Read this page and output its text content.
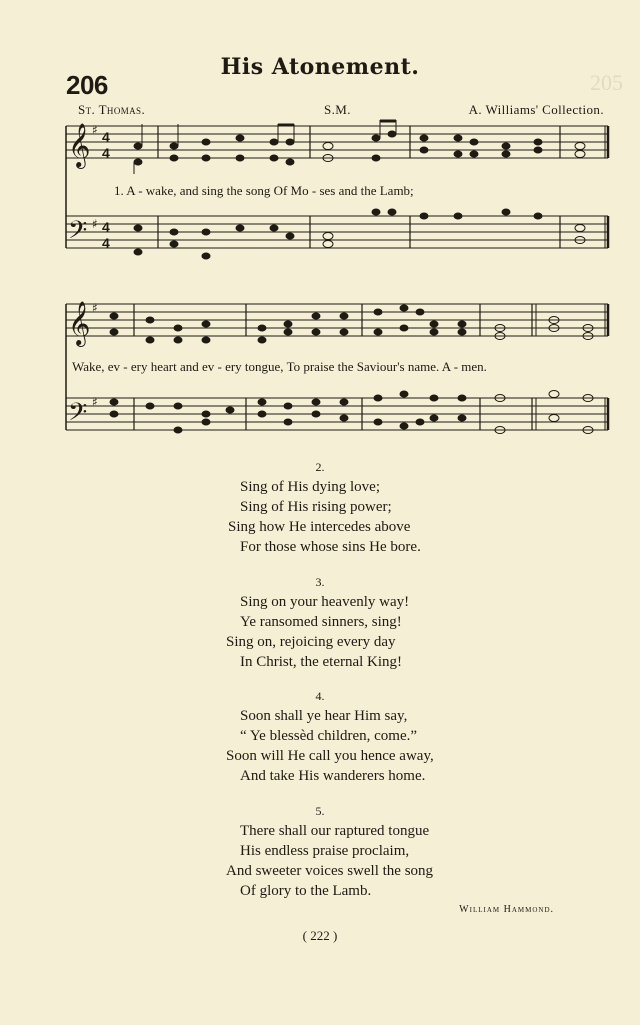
205
206
His Atonement.
St. Thomas.	S.M.	A. Williams' Collection.
𝄞
𝄢
𝄞
𝄢
♯
♯
♯
♯
4
4
4
4
1. A - wake, and sing the song Of Mo - ses and the Lamb;
Wake, ev - ery heart and ev - ery tongue, To praise the Saviour's name. A - men.
2.
Sing of His dying love;
Sing of His rising power;
Sing how He intercedes above
For those whose sins He bore.
3.
Sing on your heavenly way!
Ye ransomed sinners, sing!
Sing on, rejoicing every day
In Christ, the eternal King!
4.
Soon shall ye hear Him say,
“ Ye blessèd children, come.”
Soon will He call you hence away,
And take His wanderers home.
5.
There shall our raptured tongue
His endless praise proclaim,
And sweeter voices swell the song
Of glory to the Lamb.
William Hammond.
( 222 )
